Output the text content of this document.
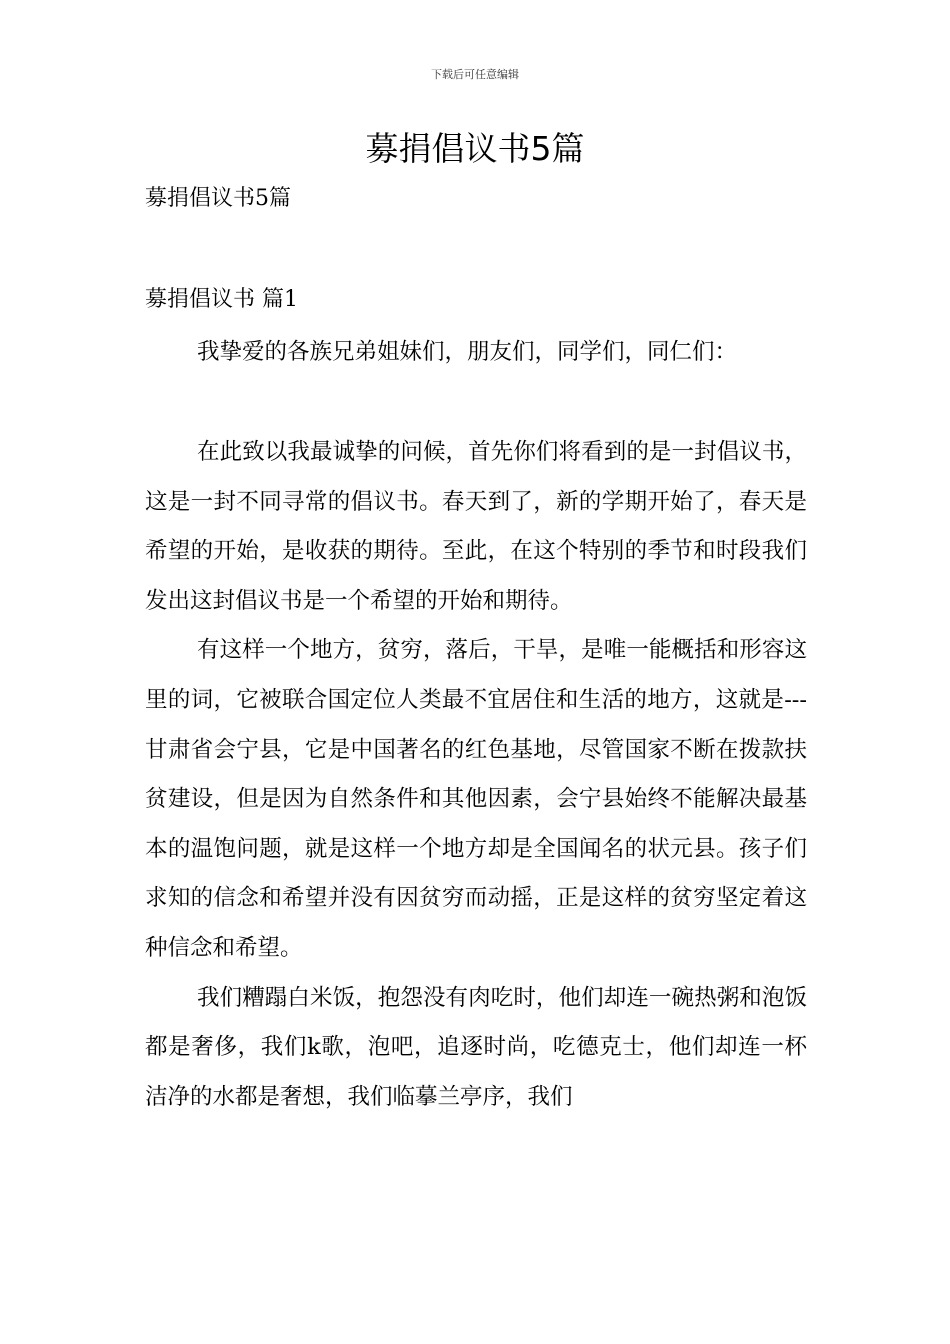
下载后可任意编辑
募捐倡议书5篇
募捐倡议书5篇
募捐倡议书 篇1
我挚爱的各族兄弟姐妹们，朋友们，同学们，同仁们：

在此致以我最诚挚的问候，首先你们将看到的是一封倡议书，这是一封不同寻常的倡议书。春天到了，新的学期开始了，春天是希望的开始，是收获的期待。至此，在这个特别的季节和时段我们发出这封倡议书是一个希望的开始和期待。

有这样一个地方，贫穷，落后，干旱，是唯一能概括和形容这里的词，它被联合国定位人类最不宜居住和生活的地方，这就是---甘肃省会宁县，它是中国著名的红色基地，尽管国家不断在拨款扶贫建设，但是因为自然条件和其他因素，会宁县始终不能解决最基本的温饱问题，就是这样一个地方却是全国闻名的状元县。孩子们求知的信念和希望并没有因贫穷而动摇，正是这样的贫穷坚定着这种信念和希望。

我们糟蹋白米饭，抱怨没有肉吃时，他们却连一碗热粥和泡饭都是奢侈，我们k歌，泡吧，追逐时尚，吃德克士，他们却连一杯洁净的水都是奢想，我们临摹兰亭序，我们
